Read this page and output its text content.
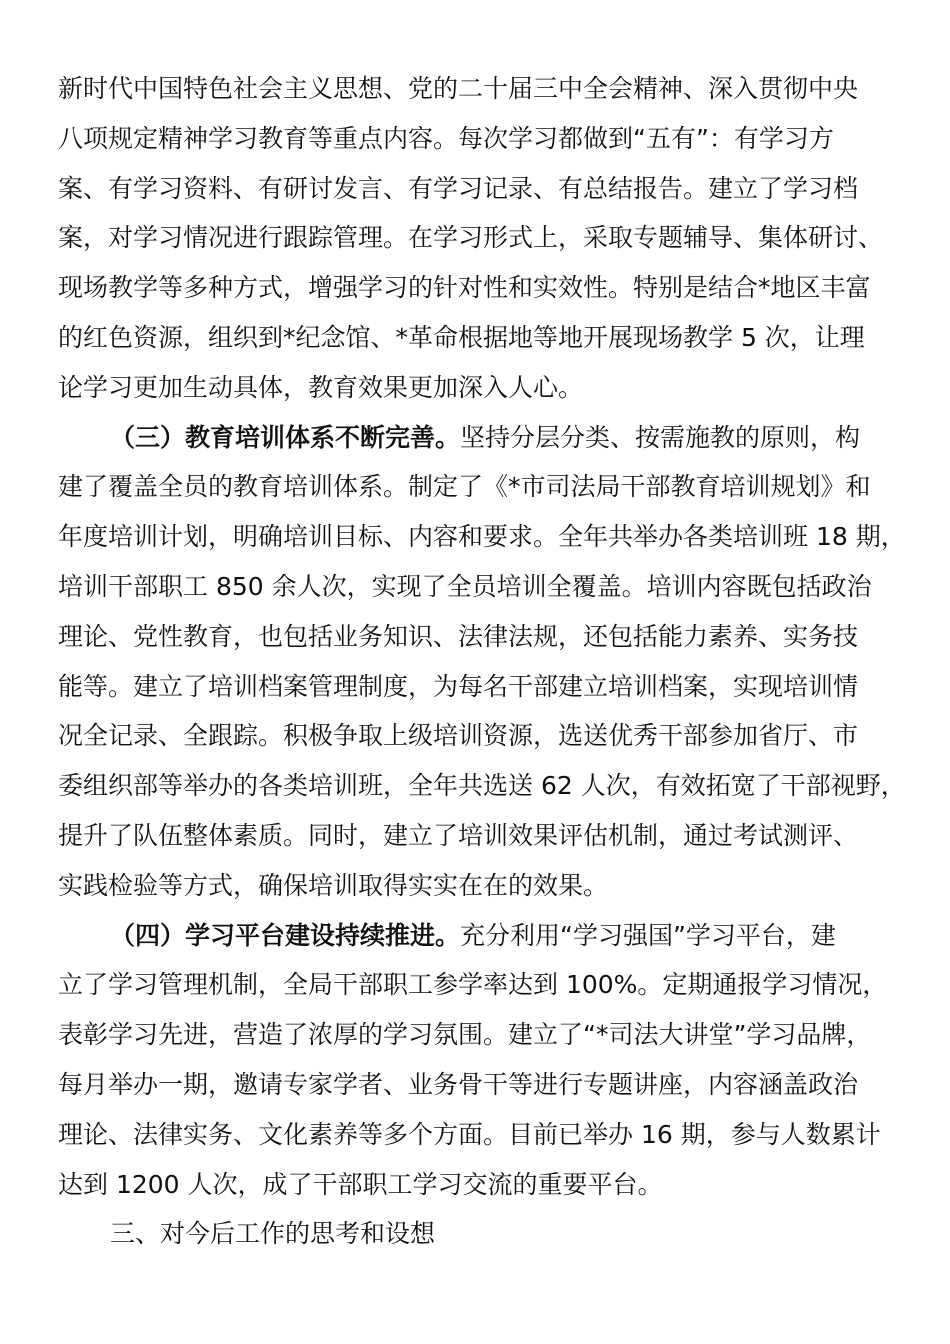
新时代中国特色社会主义思想、党的二十届三中全会精神、深入贯彻中央
八项规定精神学习教育等重点内容。每次学习都做到“五有”：有学习方
案、有学习资料、有研讨发言、有学习记录、有总结报告。建立了学习档
案，对学习情况进行跟踪管理。在学习形式上，采取专题辅导、集体研讨、
现场教学等多种方式，增强学习的针对性和实效性。特别是结合*地区丰富
的红色资源，组织到*纪念馆、*革命根据地等地开展现场教学 5 次，让理
论学习更加生动具体，教育效果更加深入人心。
（三）教育培训体系不断完善。坚持分层分类、按需施教的原则，构
建了覆盖全员的教育培训体系。制定了《*市司法局干部教育培训规划》和
年度培训计划，明确培训目标、内容和要求。全年共举办各类培训班 18 期，
培训干部职工 850 余人次，实现了全员培训全覆盖。培训内容既包括政治
理论、党性教育，也包括业务知识、法律法规，还包括能力素养、实务技
能等。建立了培训档案管理制度，为每名干部建立培训档案，实现培训情
况全记录、全跟踪。积极争取上级培训资源，选送优秀干部参加省厅、市
委组织部等举办的各类培训班，全年共选送 62 人次，有效拓宽了干部视野，
提升了队伍整体素质。同时，建立了培训效果评估机制，通过考试测评、
实践检验等方式，确保培训取得实实在在的效果。
（四）学习平台建设持续推进。充分利用“学习强国”学习平台，建
立了学习管理机制，全局干部职工参学率达到 100%。定期通报学习情况，
表彰学习先进，营造了浓厚的学习氛围。建立了“*司法大讲堂”学习品牌，
每月举办一期，邀请专家学者、业务骨干等进行专题讲座，内容涵盖政治
理论、法律实务、文化素养等多个方面。目前已举办 16 期，参与人数累计
达到 1200 人次，成了干部职工学习交流的重要平台。
三、对今后工作的思考和设想
